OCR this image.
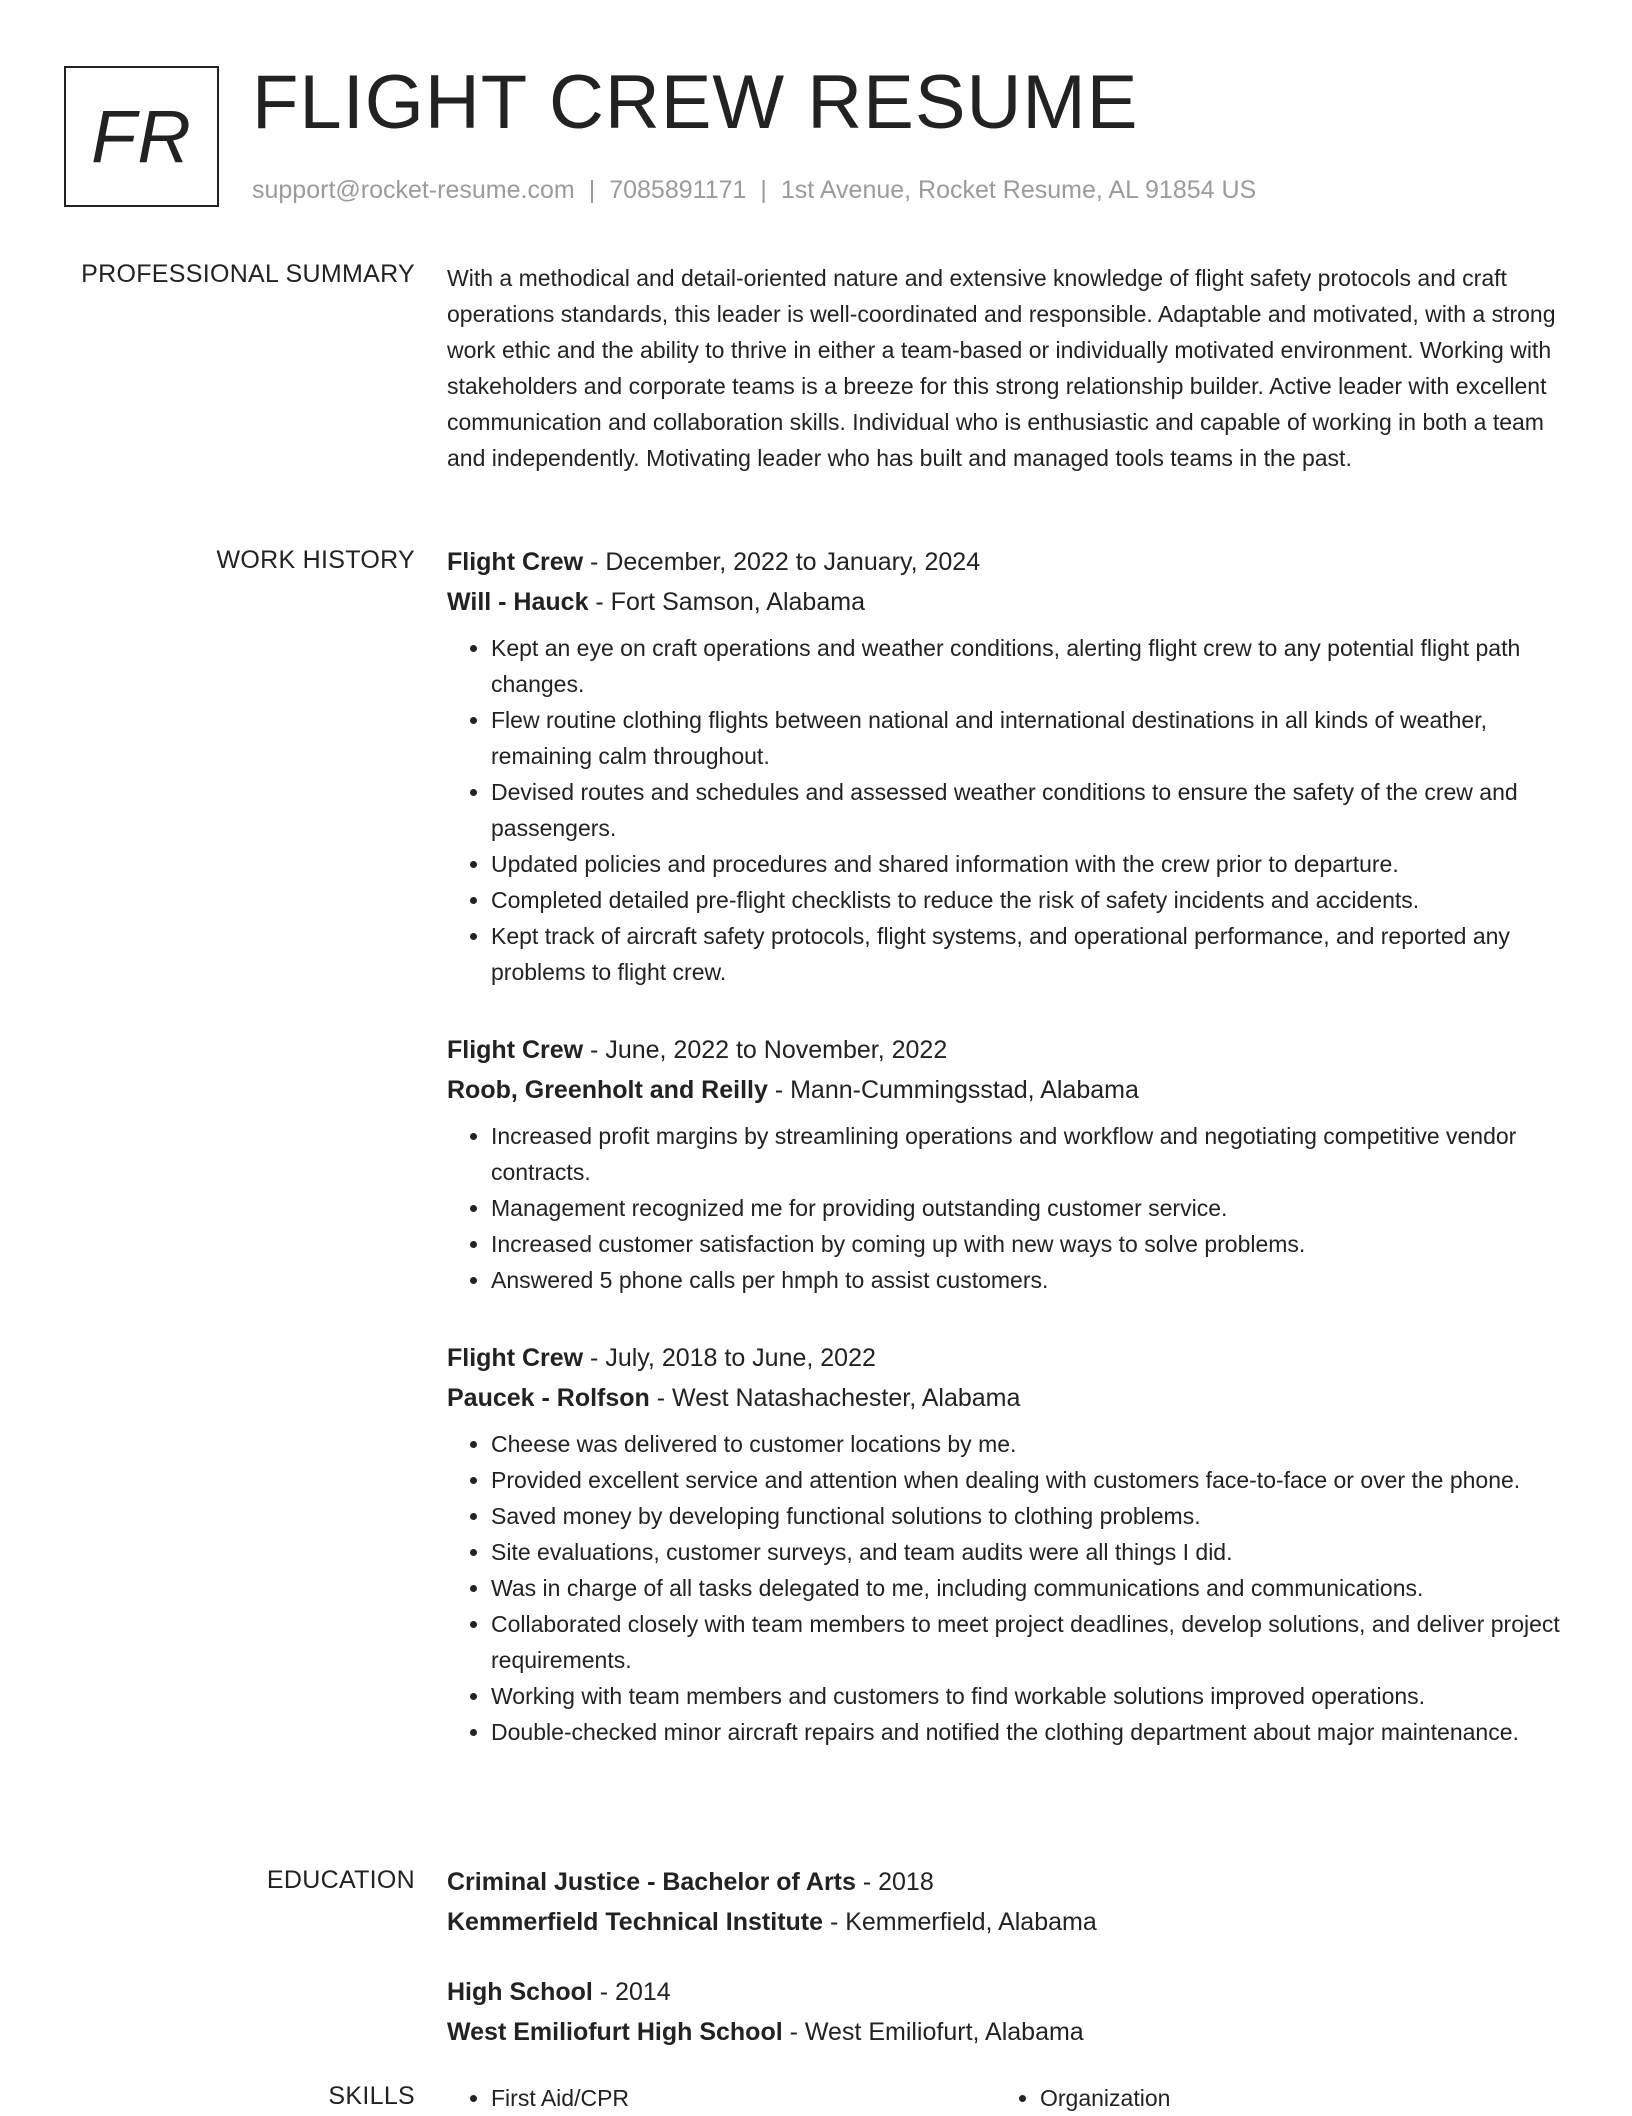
FR FLIGHT CREW RESUME
support@rocket-resume.com | 7085891171 | 1st Avenue, Rocket Resume, AL 91854 US
PROFESSIONAL SUMMARY With a methodical and detail-oriented nature and extensive knowledge of flight safety protocols and craft operations standards, this leader is well-coordinated and responsible. Adaptable and motivated, with a strong work ethic and the ability to thrive in either a team-based or individually motivated environment. Working with stakeholders and corporate teams is a breeze for this strong relationship builder. Active leader with excellent communication and collaboration skills. Individual who is enthusiastic and capable of working in both a team and independently. Motivating leader who has built and managed tools teams in the past.

WORK HISTORY Flight Crew - December, 2022 to January, 2024
Will - Hauck - Fort Samson, Alabama
• Kept an eye on craft operations and weather conditions, alerting flight crew to any potential flight path changes.
• Flew routine clothing flights between national and international destinations in all kinds of weather, remaining calm throughout.
• Devised routes and schedules and assessed weather conditions to ensure the safety of the crew and passengers.
• Updated policies and procedures and shared information with the crew prior to departure.
• Completed detailed pre-flight checklists to reduce the risk of safety incidents and accidents.
• Kept track of aircraft safety protocols, flight systems, and operational performance, and reported any problems to flight crew.
Flight Crew - June, 2022 to November, 2022
Roob, Greenholt and Reilly - Mann-Cummingsstad, Alabama
• Increased profit margins by streamlining operations and workflow and negotiating competitive vendor contracts.
• Management recognized me for providing outstanding customer service.
• Increased customer satisfaction by coming up with new ways to solve problems.
• Answered 5 phone calls per hmph to assist customers.
Flight Crew - July, 2018 to June, 2022
Paucek - Rolfson - West Natashachester, Alabama
• Cheese was delivered to customer locations by me.
• Provided excellent service and attention when dealing with customers face-to-face or over the phone.
• Saved money by developing functional solutions to clothing problems.
• Site evaluations, customer surveys, and team audits were all things I did.
• Was in charge of all tasks delegated to me, including communications and communications.
• Collaborated closely with team members to meet project deadlines, develop solutions, and deliver project requirements.
• Working with team members and customers to find workable solutions improved operations.
• Double-checked minor aircraft repairs and notified the clothing department about major maintenance.
EDUCATION Criminal Justice - Bachelor of Arts - 2018
Kemmerfield Technical Institute - Kemmerfield, Alabama
High School - 2014
West Emiliofurt High School - West Emiliofurt, Alabama
SKILLS	• First Aid/CPR	• Organization
